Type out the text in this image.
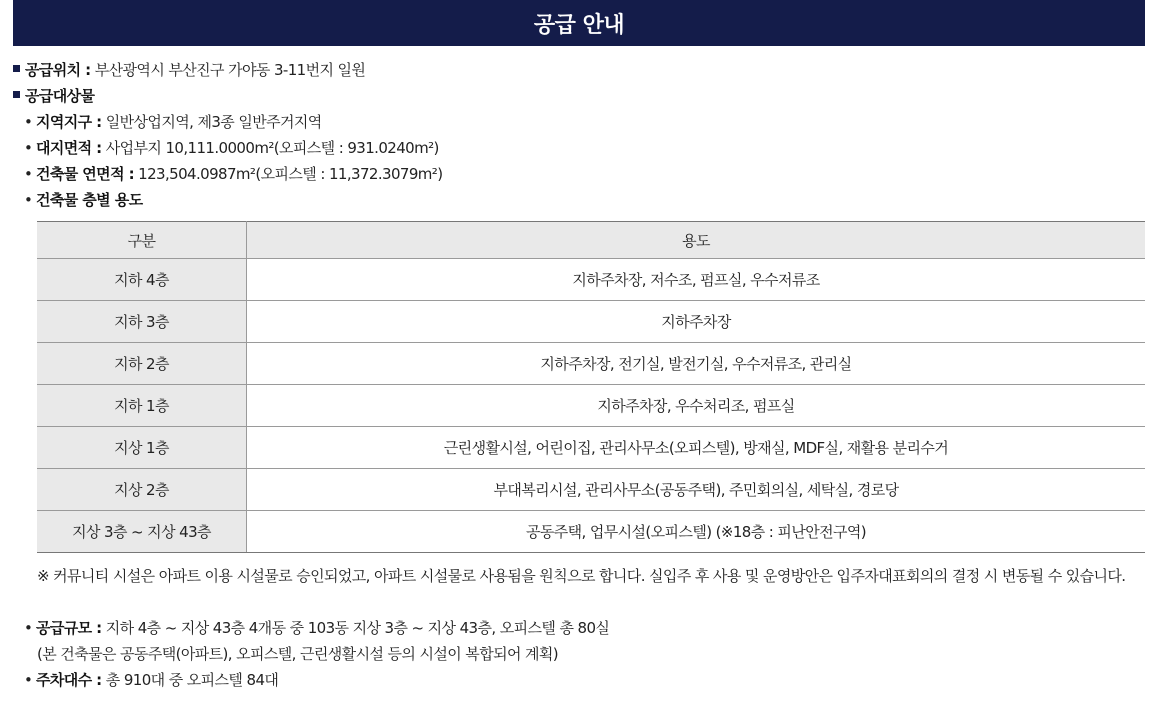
공급 안내
공급위치 : 부산광역시 부산진구 가야동 3-11번지 일원
공급대상물
• 지역지구 : 일반상업지역, 제3종 일반주거지역
• 대지면적 : 사업부지 10,111.0000m²(오피스텔 : 931.0240m²)
• 건축물 연면적 : 123,504.0987m²(오피스텔 : 11,372.3079m²)
• 건축물 층별 용도
구분	용도
지하 4층	지하주차장, 저수조, 펌프실, 우수저류조
지하 3층	지하주차장
지하 2층	지하주차장, 전기실, 발전기실, 우수저류조, 관리실
지하 1층	지하주차장, 우수처리조, 펌프실
지상 1층	근린생활시설, 어린이집, 관리사무소(오피스텔), 방재실, MDF실, 재활용 분리수거
지상 2층	부대복리시설, 관리사무소(공동주택), 주민회의실, 세탁실, 경로당
지상 3층 ~ 지상 43층	공동주택, 업무시설(오피스텔) (※18층 : 피난안전구역)
※ 커뮤니티 시설은 아파트 이용 시설물로 승인되었고, 아파트 시설물로 사용됨을 원칙으로 합니다. 실입주 후 사용 및 운영방안은 입주자대표회의의 결정 시 변동될 수 있습니다.
• 공급규모 : 지하 4층 ~ 지상 43층 4개동 중 103동 지상 3층 ~ 지상 43층, 오피스텔 총 80실
(본 건축물은 공동주택(아파트), 오피스텔, 근린생활시설 등의 시설이 복합되어 계획)
• 주차대수 : 총 910대 중 오피스텔 84대
